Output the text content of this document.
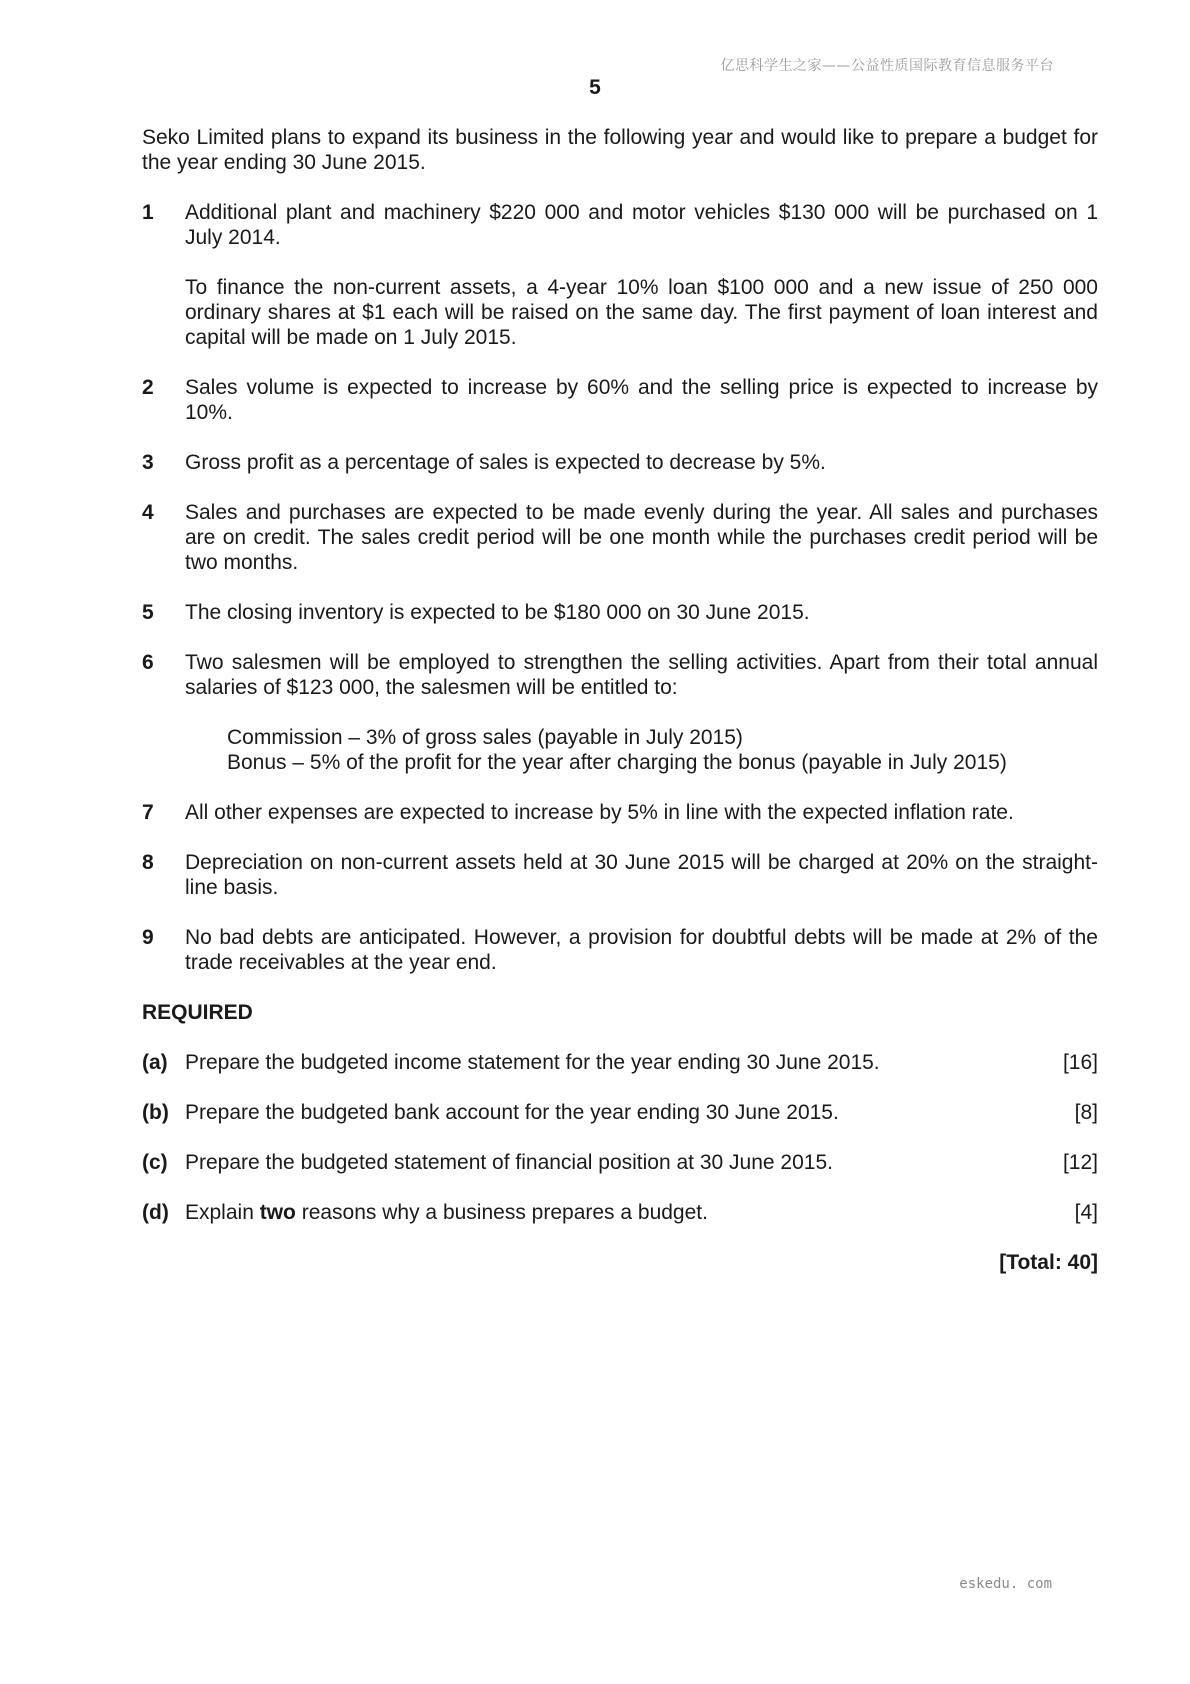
亿思科学生之家——公益性质国际教育信息服务平台
5

Seko Limited plans to expand its business in the following year and would like to prepare a budget for the year ending 30 June 2015.

1	Additional plant and machinery $220 000 and motor vehicles $130 000 will be purchased on 1 July 2014.

To finance the non-current assets, a 4-year 10% loan $100 000 and a new issue of 250 000 ordinary shares at $1 each will be raised on the same day. The first payment of loan interest and capital will be made on 1 July 2015.

2	Sales volume is expected to increase by 60% and the selling price is expected to increase by 10%.

3	Gross profit as a percentage of sales is expected to decrease by 5%.

4	Sales and purchases are expected to be made evenly during the year. All sales and purchases are on credit. The sales credit period will be one month while the purchases credit period will be two months.

5	The closing inventory is expected to be $180 000 on 30 June 2015.

6	Two salesmen will be employed to strengthen the selling activities. Apart from their total annual salaries of $123 000, the salesmen will be entitled to:

Commission – 3% of gross sales (payable in July 2015)
Bonus – 5% of the profit for the year after charging the bonus (payable in July 2015)
7	All other expenses are expected to increase by 5% in line with the expected inflation rate.

8	Depreciation on non-current assets held at 30 June 2015 will be charged at 20% on the straight-line basis.

9	No bad debts are anticipated. However, a provision for doubtful debts will be made at 2% of the trade receivables at the year end.

REQUIRED
(a) Prepare the budgeted income statement for the year ending 30 June 2015.	[16]
(b) Prepare the budgeted bank account for the year ending 30 June 2015.	[8]
(c) Prepare the budgeted statement of financial position at 30 June 2015.	[12]
(d) Explain two reasons why a business prepares a budget.	[4]
[Total: 40]
eskedu. com
